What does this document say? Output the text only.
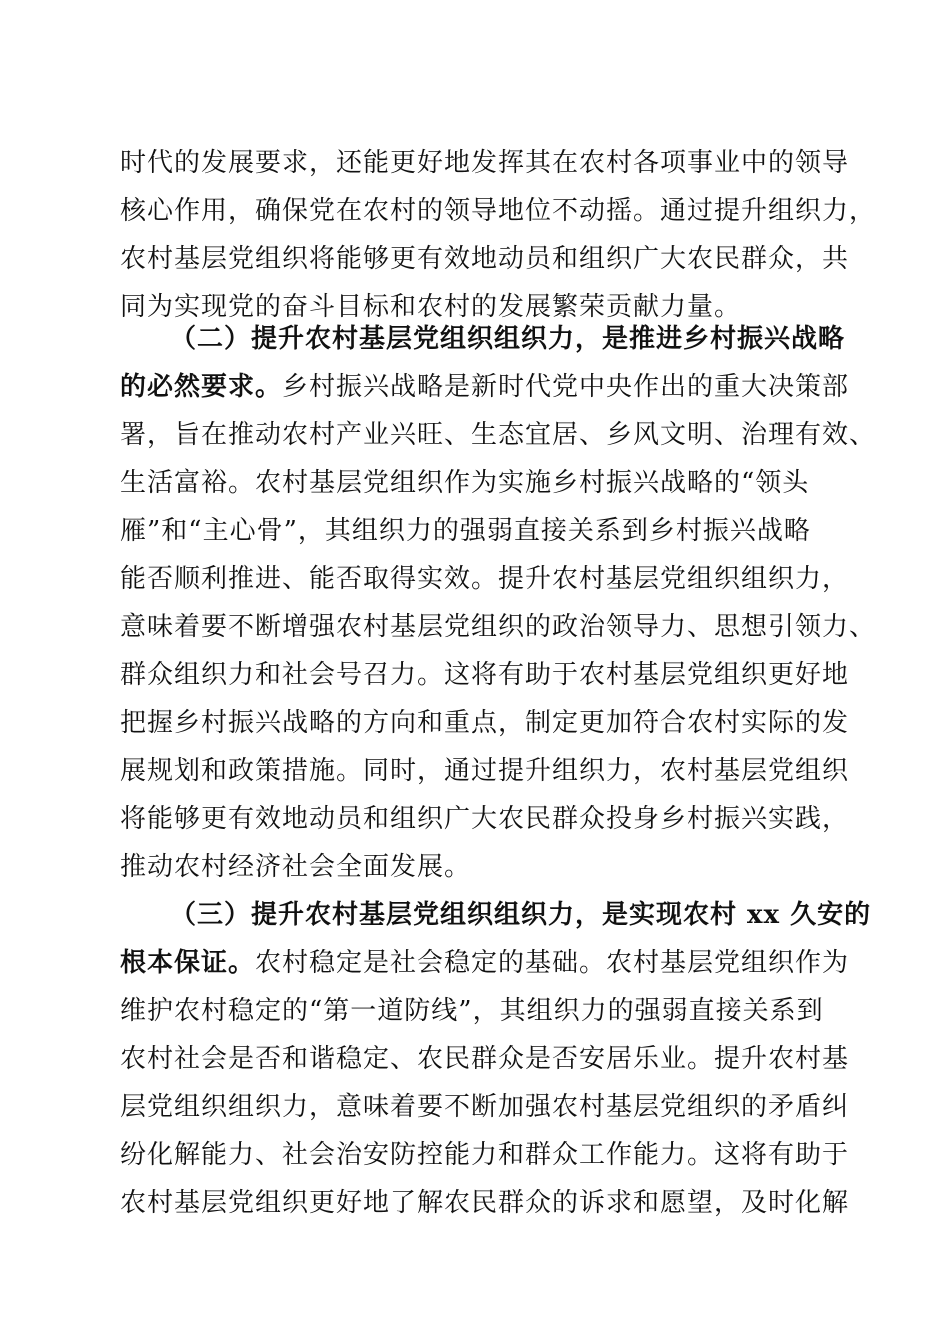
时代的发展要求，还能更好地发挥其在农村各项事业中的领导
核心作用，确保党在农村的领导地位不动摇。通过提升组织力，
农村基层党组织将能够更有效地动员和组织广大农民群众，共
同为实现党的奋斗目标和农村的发展繁荣贡献力量。
（二）提升农村基层党组织组织力，是推进乡村振兴战略
的必然要求。乡村振兴战略是新时代党中央作出的重大决策部
署，旨在推动农村产业兴旺、生态宜居、乡风文明、治理有效、
生活富裕。农村基层党组织作为实施乡村振兴战略的“领头
雁”和“主心骨”，其组织力的强弱直接关系到乡村振兴战略
能否顺利推进、能否取得实效。提升农村基层党组织组织力，
意味着要不断增强农村基层党组织的政治领导力、思想引领力、
群众组织力和社会号召力。这将有助于农村基层党组织更好地
把握乡村振兴战略的方向和重点，制定更加符合农村实际的发
展规划和政策措施。同时，通过提升组织力，农村基层党组织
将能够更有效地动员和组织广大农民群众投身乡村振兴实践，
推动农村经济社会全面发展。
（三）提升农村基层党组织组织力，是实现农村 xx 久安的
根本保证。农村稳定是社会稳定的基础。农村基层党组织作为
维护农村稳定的“第一道防线”，其组织力的强弱直接关系到
农村社会是否和谐稳定、农民群众是否安居乐业。提升农村基
层党组织组织力，意味着要不断加强农村基层党组织的矛盾纠
纷化解能力、社会治安防控能力和群众工作能力。这将有助于
农村基层党组织更好地了解农民群众的诉求和愿望，及时化解
